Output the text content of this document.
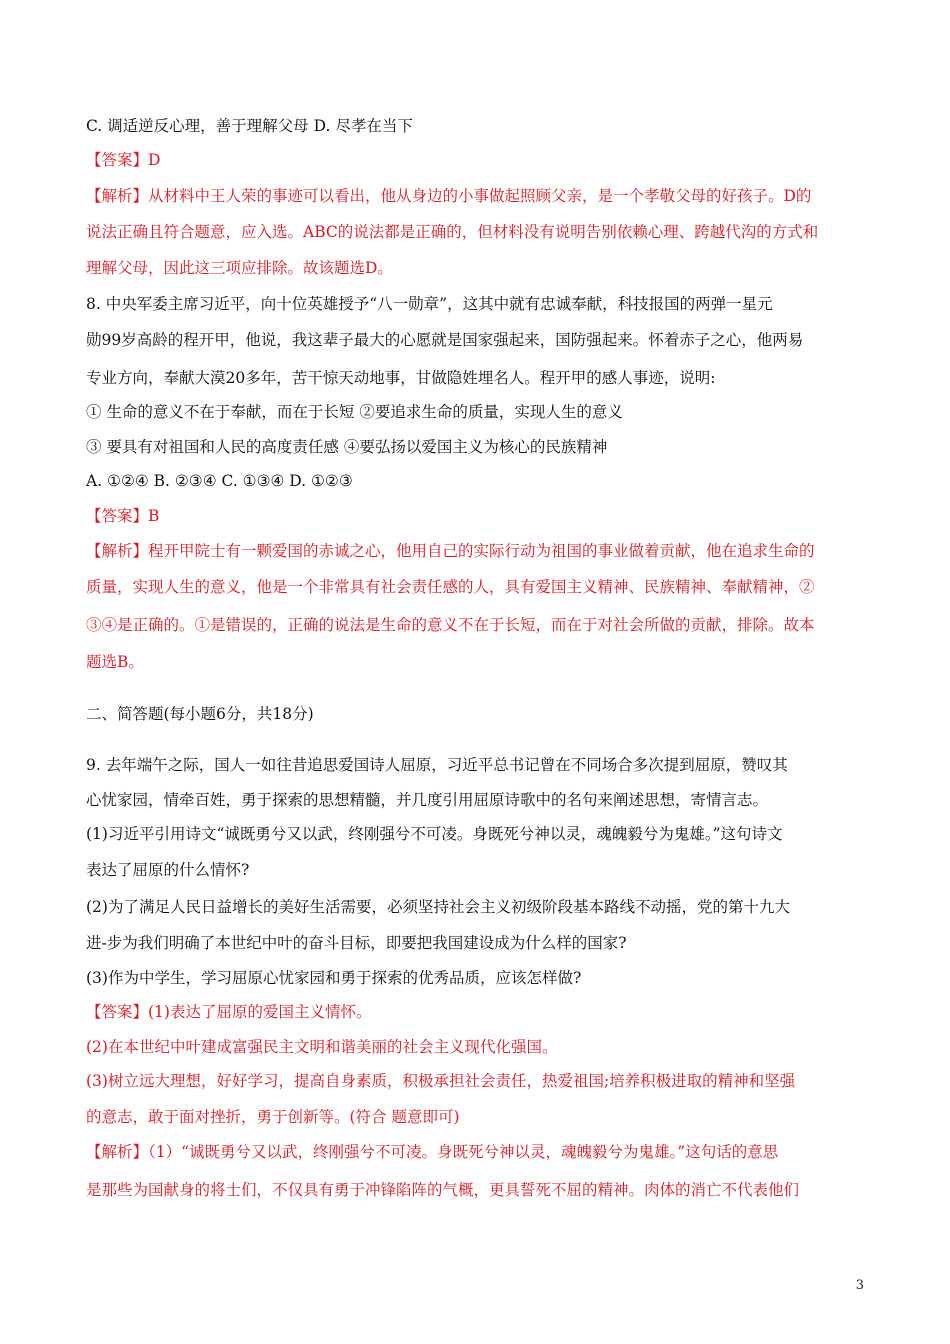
C. 调适逆反心理，善于理解父母 D. 尽孝在当下
【答案】D
【解析】从材料中王人荣的事迹可以看出，他从身边的小事做起照顾父亲，是一个孝敬父母的好孩子。D的
说法正确且符合题意，应入选。ABC的说法都是正确的，但材料没有说明告别依赖心理、跨越代沟的方式和
理解父母，因此这三项应排除。故该题选D。
8. 中央军委主席习近平，向十位英雄授予“八一勋章”，这其中就有忠诚奉献，科技报国的两弹一星元
勋99岁高龄的程开甲，他说，我这辈子最大的心愿就是国家强起来，国防强起来。怀着赤子之心，他两易
专业方向，奉献大漠20多年，苦干惊天动地事，甘做隐姓埋名人。程开甲的感人事迹，说明:
① 生命的意义不在于奉献，而在于长短 ②要追求生命的质量，实现人生的意义
③ 要具有对祖国和人民的高度责任感 ④要弘扬以爱国主义为核心的民族精神
A. ①②④ B. ②③④ C. ①③④ D. ①②③
【答案】B
【解析】程开甲院士有一颗爱国的赤诚之心，他用自己的实际行动为祖国的事业做着贡献，他在追求生命的
质量，实现人生的意义，他是一个非常具有社会责任感的人，具有爱国主义精神、民族精神、奉献精神，②
③④是正确的。①是错误的，正确的说法是生命的意义不在于长短，而在于对社会所做的贡献，排除。故本
题选B。
二、简答题(每小题6分，共18分)
9. 去年端午之际，国人一如往昔追思爱国诗人屈原，习近平总书记曾在不同场合多次提到屈原，赞叹其
心忧家园，情牵百姓，勇于探索的思想精髓，并几度引用屈原诗歌中的名句来阐述思想，寄情言志。
(1)习近平引用诗文“诚既勇兮又以武，终刚强兮不可凌。身既死兮神以灵，魂魄毅兮为鬼雄。”这句诗文
表达了屈原的什么情怀?
(2)为了满足人民日益增长的美好生活需要，必须坚持社会主义初级阶段基本路线不动摇，党的第十九大
进-步为我们明确了本世纪中叶的奋斗目标，即要把我国建设成为什么样的国家?
(3)作为中学生，学习屈原心忧家园和勇于探索的优秀品质，应该怎样做?
【答案】(1)表达了屈原的爱国主义情怀。
(2)在本世纪中叶建成富强民主文明和谐美丽的社会主义现代化强国。
(3)树立远大理想，好好学习，提高自身素质，积极承担社会责任，热爱祖国;培养积极进取的精神和坚强
的意志，敢于面对挫折，勇于创新等。(符合 题意即可)
【解析】（1）“诚既勇兮又以武，终刚强兮不可凌。身既死兮神以灵，魂魄毅兮为鬼雄。”这句话的意思
是那些为国献身的将士们，不仅具有勇于冲锋陷阵的气概，更具誓死不屈的精神。肉体的消亡不代表他们
3
